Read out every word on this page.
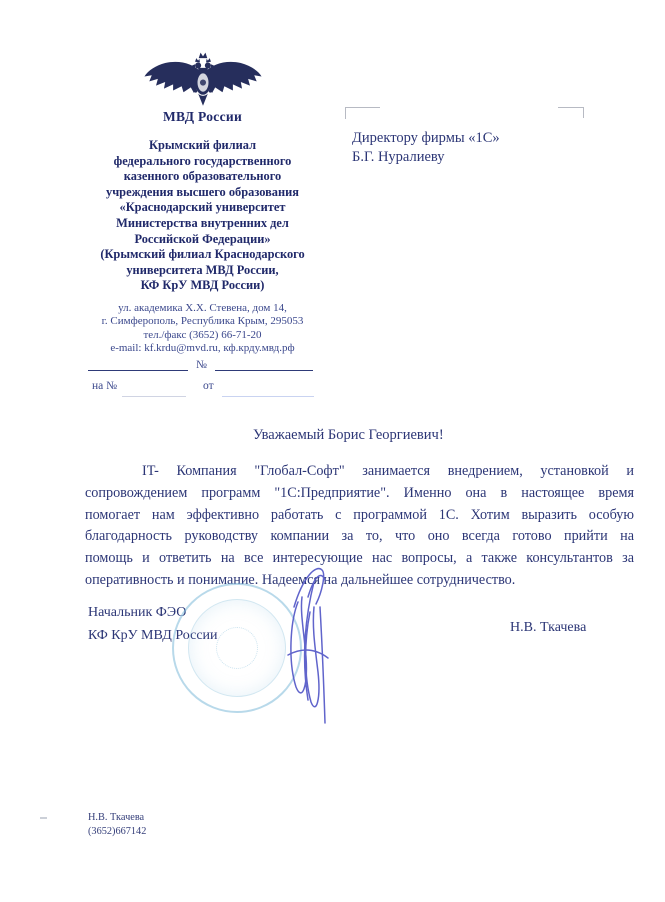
МВД России
Крымский филиал
федерального государственного
казенного образовательного
учреждения высшего образования
«Краснодарский университет
Министерства внутренних дел
Российской Федерации»
(Крымский филиал Краснодарского
университета МВД России,
КФ КрУ МВД России)
ул. академика Х.Х. Стевена, дом 14,
г. Симферополь, Республика Крым, 295053
тел./факс (3652) 66-71-20
e-mail: kf.krdu@mvd.ru, кф.крду.мвд.рф
№
на №	от
Директору фирмы «1С»
Б.Г. Нуралиеву
Уважаемый Борис Георгиевич!
IT- Компания "Глобал-Софт" занимается внедрением, установкой и
сопровождением программ "1С:Предприятие". Именно она в настоящее время
помогает нам эффективно работать с программой 1С. Хотим выразить особую
благодарность руководству компании за то, что оно всегда готово прийти на
помощь и ответить на все интересующие нас вопросы, а также консультантов за
оперативность и понимание. Надеемся на дальнейшее сотрудничество.
Начальник ФЭО
КФ КрУ МВД России
Н.В. Ткачева
Н.В. Ткачева
(3652)667142
